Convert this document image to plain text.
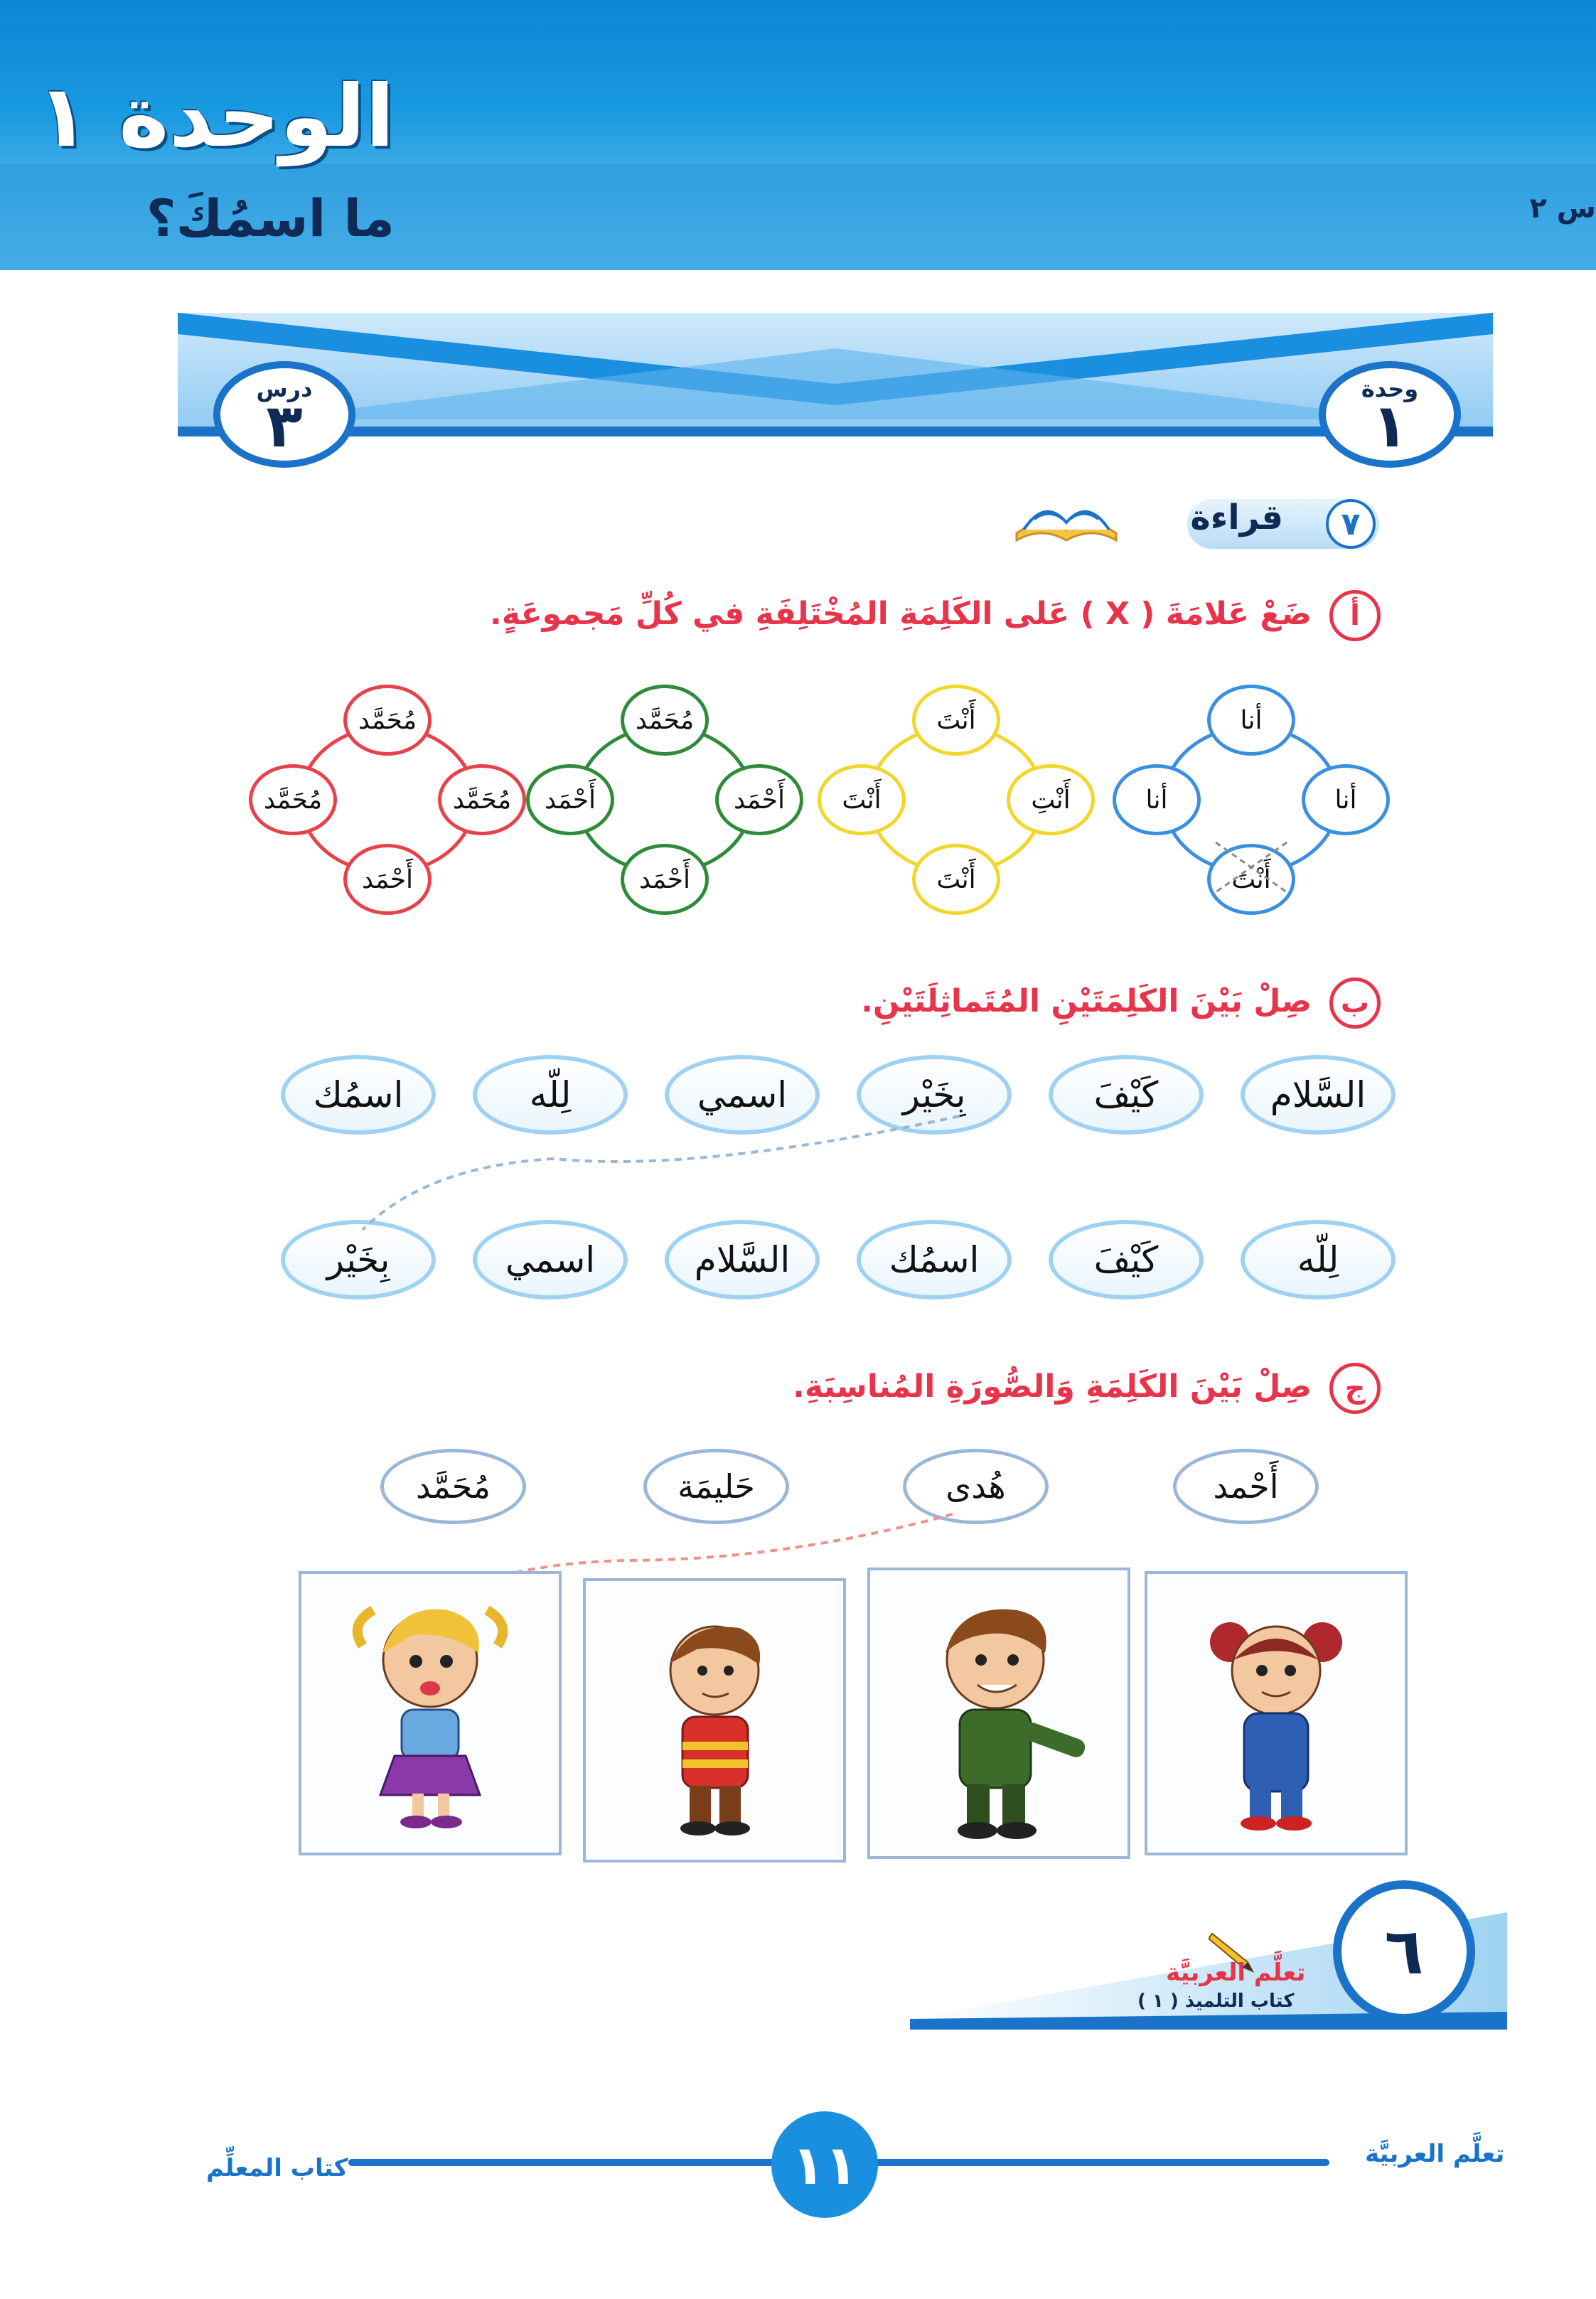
الوحدة ١
ما اسمُكَ؟	س ٢
درس
٣
وحدة
١
٧
قراءة
أ
ضَعْ عَلامَةَ ( X ) عَلى الكَلِمَةِ المُخْتَلِفَةِ في كُلِّ مَجموعَةٍ.
أنا
أنا
أَنْتَ
أنا
أَنْتَ
أَنْتِ
أَنْتَ
أَنْتَ
مُحَمَّد
أَحْمَد
أَحْمَد
أَحْمَد
مُحَمَّد
مُحَمَّد
أَحْمَد
مُحَمَّد
ب
صِلْ بَيْنَ الكَلِمَتَيْنِ المُتَماثِلَتَيْنِ.
السَّلام
كَيْفَ
بِخَيْر
اسمي
لِلّه
اسمُك
لِلّه
كَيْفَ
اسمُك
السَّلام
اسمي
بِخَيْر
ج
صِلْ بَيْنَ الكَلِمَةِ وَالصُّورَةِ المُناسِبَةِ.
أَحْمد
هُدى
حَليمَة
مُحَمَّد
٦
تعلَّم العربيَّة
كتاب التلميذ ( ١ )
١١	تعلَّم العربيَّة
كتاب المعلِّم
